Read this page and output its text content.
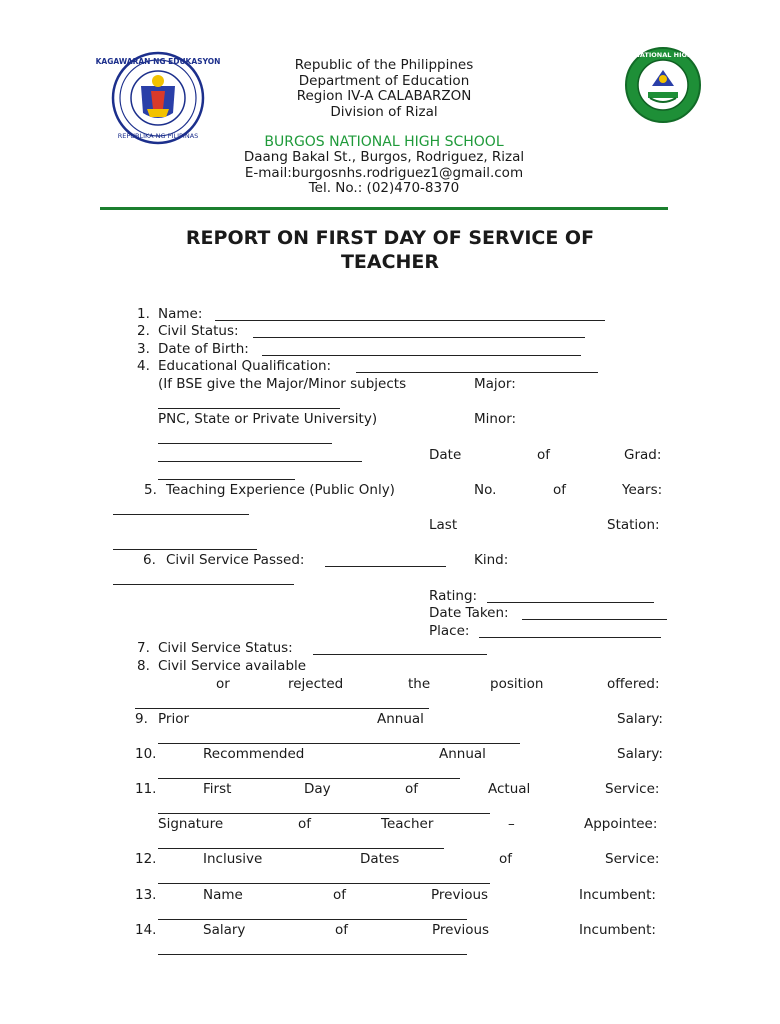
KAGAWARAN NG EDUKASYON
REPUBLIKA NG PILIPINAS
BURGOS NATIONAL HIGH SCHOOL
Republic of the Philippines
Department of Education
Region IV-A CALABARZON
Division of Rizal
BURGOS NATIONAL HIGH SCHOOL
Daang Bakal St., Burgos, Rodriguez, Rizal
E-mail:burgosnhs.rodriguez1@gmail.com
Tel. No.: (02)470-8370
REPORT ON FIRST DAY OF SERVICE OF
TEACHER
1. Name:
2. Civil Status:
3. Date of Birth:
4. Educational Qualification:
(If BSE give the Major/Minor subjects	Major:
PNC, State or Private University)	Minor:
Date	of	Grad:
5. Teaching Experience (Public Only)	No.	of	Years:
Last	Station:
6. Civil Service Passed:	Kind:
Rating:
Date Taken:
Place:
7. Civil Service Status:
8. Civil Service available
or	rejected	the	position	offered:
9. Prior	Annual	Salary:
10.	Recommended	Annual	Salary:
11.	First	Day	of	Actual	Service:
Signature	of	Teacher	–	Appointee:
12.	Inclusive	Dates	of	Service:
13.	Name	of	Previous	Incumbent:
14.	Salary	of	Previous	Incumbent:
